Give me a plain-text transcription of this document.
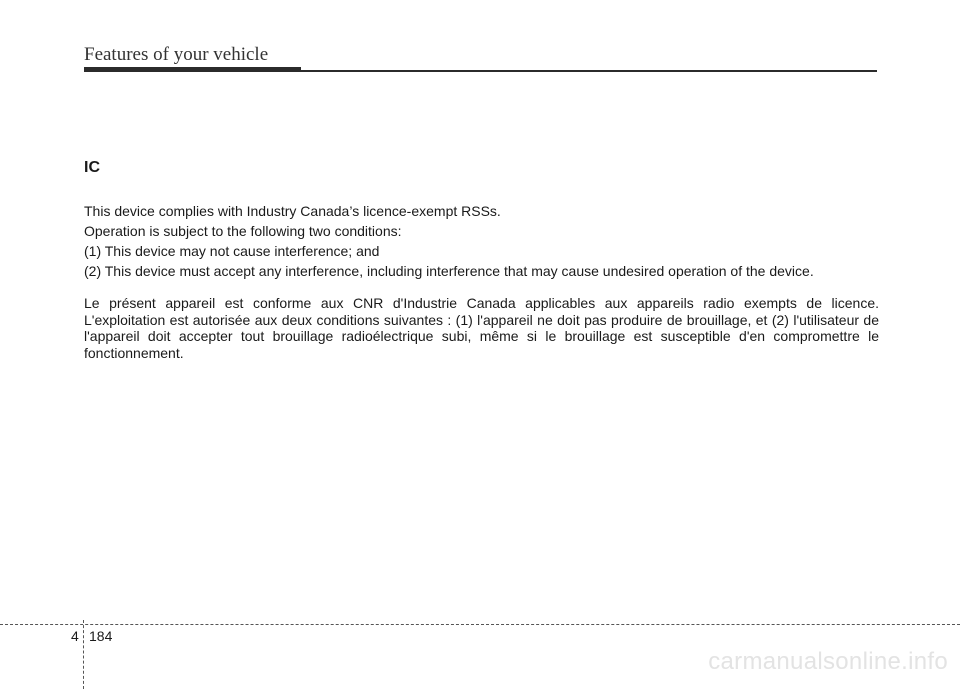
Features of your vehicle
IC

This device complies with Industry Canada’s licence-exempt RSSs.

Operation is subject to the following two conditions:

(1) This device may not cause interference; and

(2) This device must accept any interference, including interference that may cause undesired operation of the device.

Le présent appareil est conforme aux CNR d'Industrie Canada applicables aux appareils radio exempts de licence. L'exploitation est autorisée aux deux conditions suivantes : (1) l'appareil ne doit pas produire de brouillage, et (2) l'utilisateur de l'appareil doit accepter tout brouillage radioélectrique subi, même si le brouillage est susceptible d'en compromettre le fonctionnement.

4 184
carmanualsonline.info
